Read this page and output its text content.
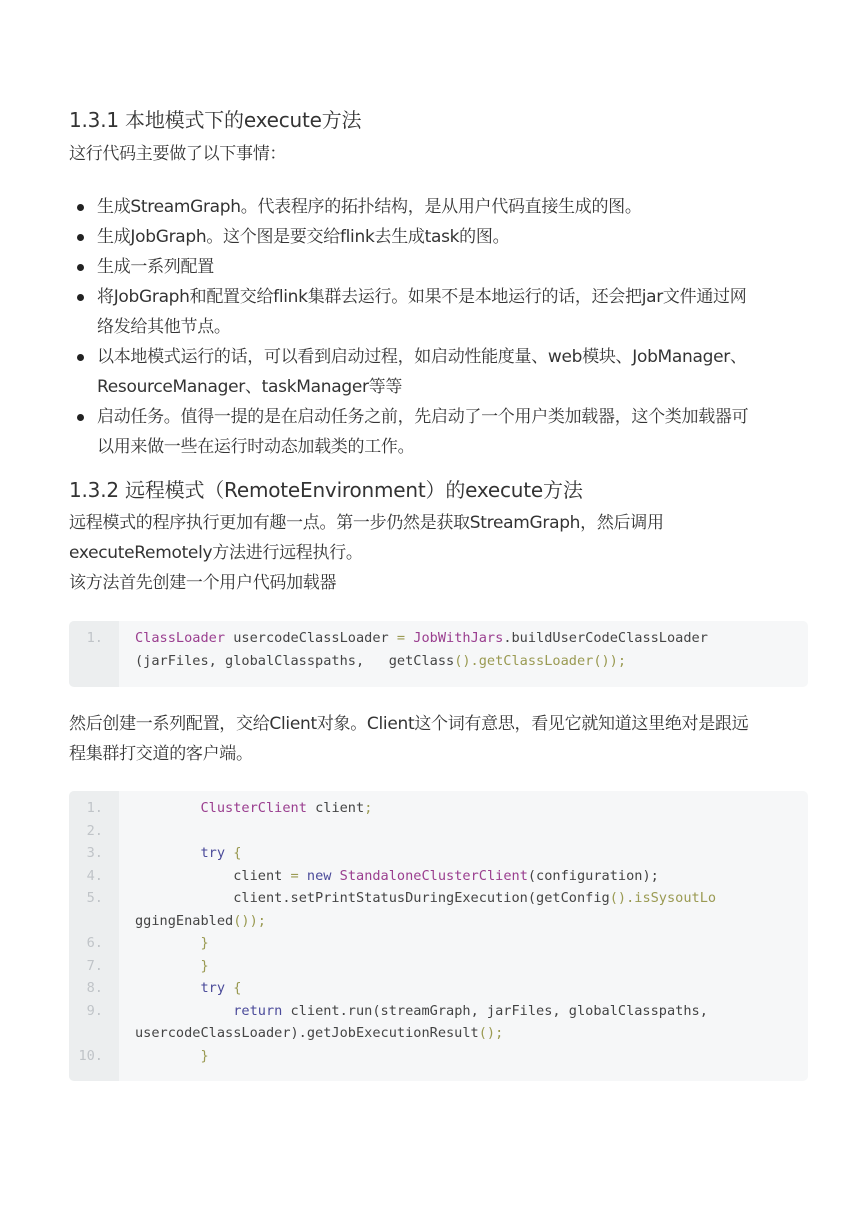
1.3.1 本地模式下的execute方法
这行代码主要做了以下事情：
生成StreamGraph。代表程序的拓扑结构，是从用户代码直接生成的图。
生成JobGraph。这个图是要交给flink去生成task的图。
生成一系列配置
将JobGraph和配置交给flink集群去运行。如果不是本地运行的话，还会把jar文件通过网
络发给其他节点。
以本地模式运行的话，可以看到启动过程，如启动性能度量、web模块、JobManager、
ResourceManager、taskManager等等
启动任务。值得一提的是在启动任务之前，先启动了一个用户类加载器，这个类加载器可
以用来做一些在运行时动态加载类的工作。
1.3.2 远程模式（RemoteEnvironment）的execute方法
远程模式的程序执行更加有趣一点。第一步仍然是获取StreamGraph，然后调用
executeRemotely方法进行远程执行。
该方法首先创建一个用户代码加载器
1.	ClassLoader usercodeClassLoader = JobWithJars.buildUserCodeClassLoader
(jarFiles, globalClasspaths,   getClass().getClassLoader());
然后创建一系列配置，交给Client对象。Client这个词有意思，看见它就知道这里绝对是跟远
程集群打交道的客户端。
1.	ClusterClient client;
2.

3.	try {
4.	client = new StandaloneClusterClient(configuration);
5.	client.setPrintStatusDuringExecution(getConfig().isSysoutLo
ggingEnabled());
6.	}
7.	}
8.	try {
9.	return client.run(streamGraph, jarFiles, globalClasspaths,
usercodeClassLoader).getJobExecutionResult();
10.	}
